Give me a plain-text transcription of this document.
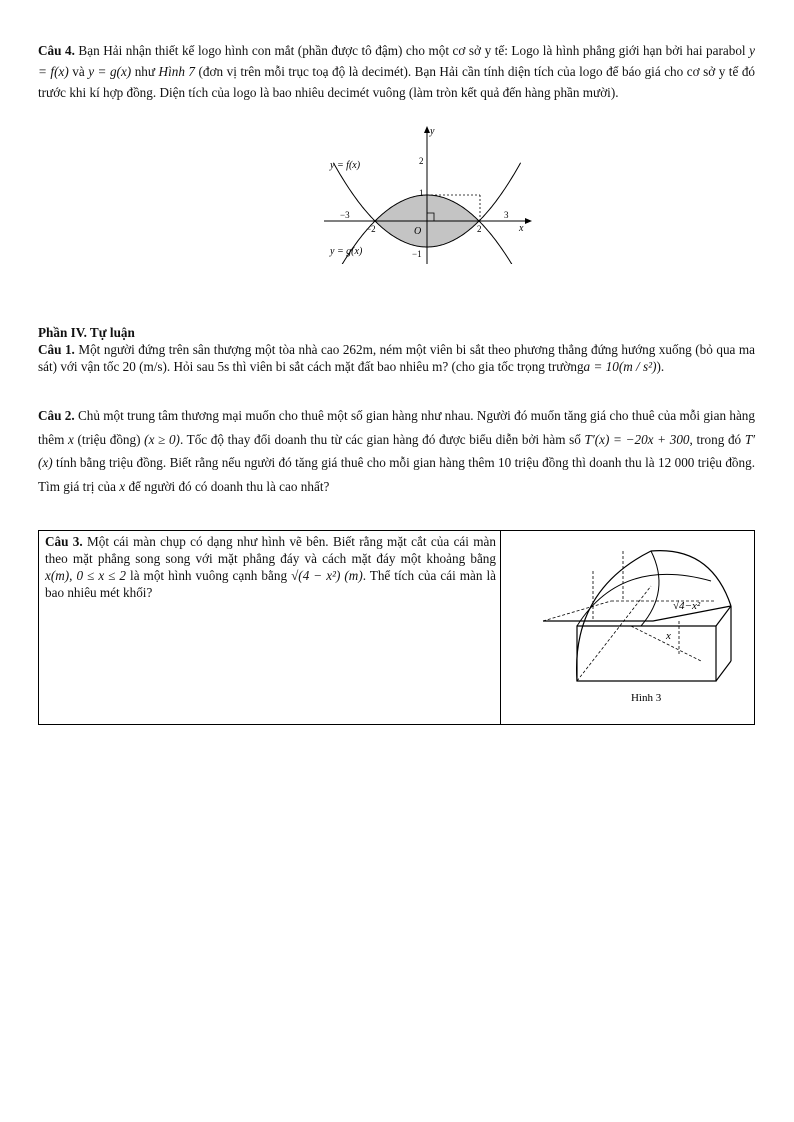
Câu 4. Bạn Hải nhận thiết kế logo hình con mắt (phần được tô đậm) cho một cơ sở y tế: Logo là hình phẳng giới hạn bởi hai parabol y = f(x) và y = g(x) như Hình 7 (đơn vị trên mỗi trục toạ độ là decimét). Bạn Hải cần tính diện tích của logo để báo giá cho cơ sở y tế đó trước khi kí hợp đồng. Diện tích của logo là bao nhiêu decimét vuông (làm tròn kết quả đến hàng phần mười).
y = f(x)
y = g(x)
y
x
O
−3
−2	2
3
2
1
−1
Phần IV. Tự luận
Câu 1. Một người đứng trên sân thượng một tòa nhà cao 262m, ném một viên bi sắt theo phương thẳng đứng hướng xuống (bỏ qua ma sát) với vận tốc 20 (m/s). Hỏi sau 5s thì viên bi sắt cách mặt đất bao nhiêu m? (cho gia tốc trọng trườnga = 10(m / s²)).
Câu 2. Chủ một trung tâm thương mại muốn cho thuê một số gian hàng như nhau. Người đó muốn tăng giá cho thuê của mỗi gian hàng thêm x (triệu đồng) (x ≥ 0). Tốc độ thay đổi doanh thu từ các gian hàng đó được biểu diễn bởi hàm số T′(x) = −20x + 300, trong đó T′(x) tính bằng triệu đồng. Biết rằng nếu người đó tăng giá thuê cho mỗi gian hàng thêm 10 triệu đồng thì doanh thu là 12 000 triệu đồng. Tìm giá trị của x để người đó có doanh thu là cao nhất?
Câu 3. Một cái màn chụp có dạng như hình vẽ bên. Biết rằng mặt cắt của cái màn theo mặt phẳng song song với mặt phẳng đáy và cách mặt đáy một khoảng bằng x(m), 0 ≤ x ≤ 2 là một hình vuông cạnh bằng √(4 − x²) (m). Thể tích của cái màn là bao nhiêu mét khối?

√4−x²
x
Hình 3
